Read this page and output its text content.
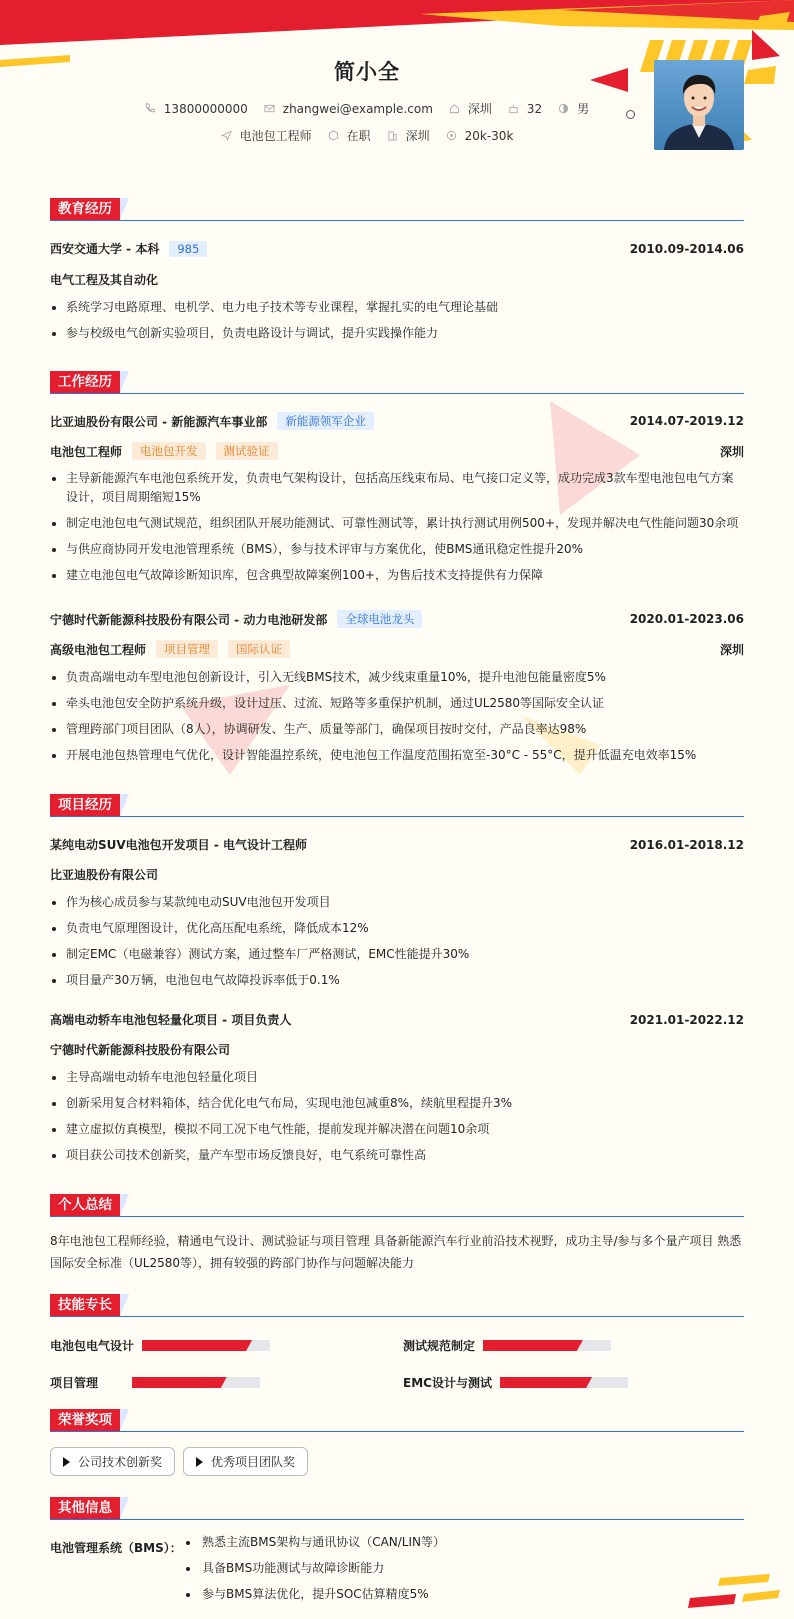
简小全
13800000000	zhangwei@example.com	深圳	32	男
电池包工程师	在职	深圳	20k-30k
教育经历
西安交通大学 - 本科	985	2010.09-2014.06
电气工程及其自动化
系统学习电路原理、电机学、电力电子技术等专业课程，掌握扎实的电气理论基础
参与校级电气创新实验项目，负责电路设计与调试，提升实践操作能力
工作经历
比亚迪股份有限公司 - 新能源汽车事业部	新能源领军企业	2014.07-2019.12
电池包工程师	电池包开发	测试验证	深圳
主导新能源汽车电池包系统开发，负责电气架构设计，包括高压线束布局、电气接口定义等，成功完成3款车型电池包电气方案设计，项目周期缩短15%
制定电池包电气测试规范，组织团队开展功能测试、可靠性测试等，累计执行测试用例500+，发现并解决电气性能问题30余项
与供应商协同开发电池管理系统（BMS），参与技术评审与方案优化，使BMS通讯稳定性提升20%
建立电池包电气故障诊断知识库，包含典型故障案例100+，为售后技术支持提供有力保障
宁德时代新能源科技股份有限公司 - 动力电池研发部	全球电池龙头	2020.01-2023.06
高级电池包工程师	项目管理	国际认证	深圳
负责高端电动车型电池包创新设计，引入无线BMS技术，减少线束重量10%，提升电池包能量密度5%
牵头电池包安全防护系统升级，设计过压、过流、短路等多重保护机制，通过UL2580等国际安全认证
管理跨部门项目团队（8人），协调研发、生产、质量等部门，确保项目按时交付，产品良率达98%
开展电池包热管理电气优化，设计智能温控系统，使电池包工作温度范围拓宽至-30°C - 55°C，提升低温充电效率15%
项目经历
某纯电动SUV电池包开发项目 - 电气设计工程师	2016.01-2018.12
比亚迪股份有限公司
作为核心成员参与某款纯电动SUV电池包开发项目
负责电气原理图设计，优化高压配电系统，降低成本12%
制定EMC（电磁兼容）测试方案，通过整车厂严格测试，EMC性能提升30%
项目量产30万辆，电池包电气故障投诉率低于0.1%
高端电动轿车电池包轻量化项目 - 项目负责人	2021.01-2022.12
宁德时代新能源科技股份有限公司
主导高端电动轿车电池包轻量化项目
创新采用复合材料箱体，结合优化电气布局，实现电池包减重8%，续航里程提升3%
建立虚拟仿真模型，模拟不同工况下电气性能，提前发现并解决潜在问题10余项
项目获公司技术创新奖，量产车型市场反馈良好，电气系统可靠性高
个人总结
8年电池包工程师经验，精通电气设计、测试验证与项目管理 具备新能源汽车行业前沿技术视野，成功主导/参与多个量产项目 熟悉国际安全标准（UL2580等），拥有较强的跨部门协作与问题解决能力
技能专长
电池包电气设计	测试规范制定
项目管理	EMC设计与测试
荣誉奖项
公司技术创新奖	优秀项目团队奖
其他信息
电池管理系统（BMS）：	熟悉主流BMS架构与通讯协议（CAN/LIN等）
具备BMS功能测试与故障诊断能力
参与BMS算法优化，提升SOC估算精度5%
